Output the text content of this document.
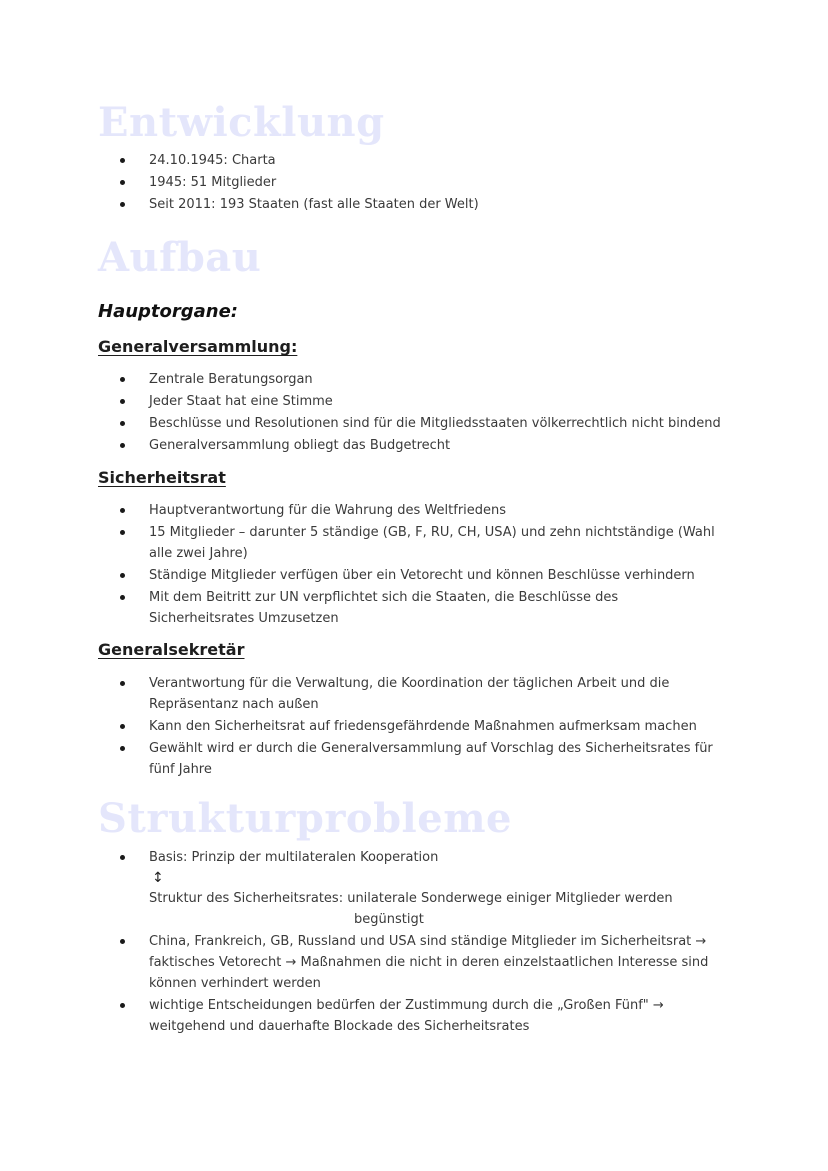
Entwicklung
24.10.1945: Charta
1945: 51 Mitglieder
Seit 2011: 193 Staaten (fast alle Staaten der Welt)
Aufbau
Hauptorgane:
Generalversammlung:
Zentrale Beratungsorgan
Jeder Staat hat eine Stimme
Beschlüsse und Resolutionen sind für die Mitgliedsstaaten völkerrechtlich nicht bindend
Generalversammlung obliegt das Budgetrecht
Sicherheitsrat
Hauptverantwortung für die Wahrung des Weltfriedens
15 Mitglieder – darunter 5 ständige (GB, F, RU, CH, USA) und zehn nichtständige (Wahl
alle zwei Jahre)
Ständige Mitglieder verfügen über ein Vetorecht und können Beschlüsse verhindern
Mit dem Beitritt zur UN verpflichtet sich die Staaten, die Beschlüsse des
Sicherheitsrates Umzusetzen
Generalsekretär
Verantwortung für die Verwaltung, die Koordination der täglichen Arbeit und die
Repräsentanz nach außen
Kann den Sicherheitsrat auf friedensgefährdende Maßnahmen aufmerksam machen
Gewählt wird er durch die Generalversammlung auf Vorschlag des Sicherheitsrates für
fünf Jahre
Strukturprobleme
Basis: Prinzip der multilateralen Kooperation
↕
Struktur des Sicherheitsrates: unilaterale Sonderwege einiger Mitglieder werden
begünstigt
China, Frankreich, GB, Russland und USA sind ständige Mitglieder im Sicherheitsrat →
faktisches Vetorecht → Maßnahmen die nicht in deren einzelstaatlichen Interesse sind
können verhindert werden
wichtige Entscheidungen bedürfen der Zustimmung durch die „Großen Fünf" →
weitgehend und dauerhafte Blockade des Sicherheitsrates
